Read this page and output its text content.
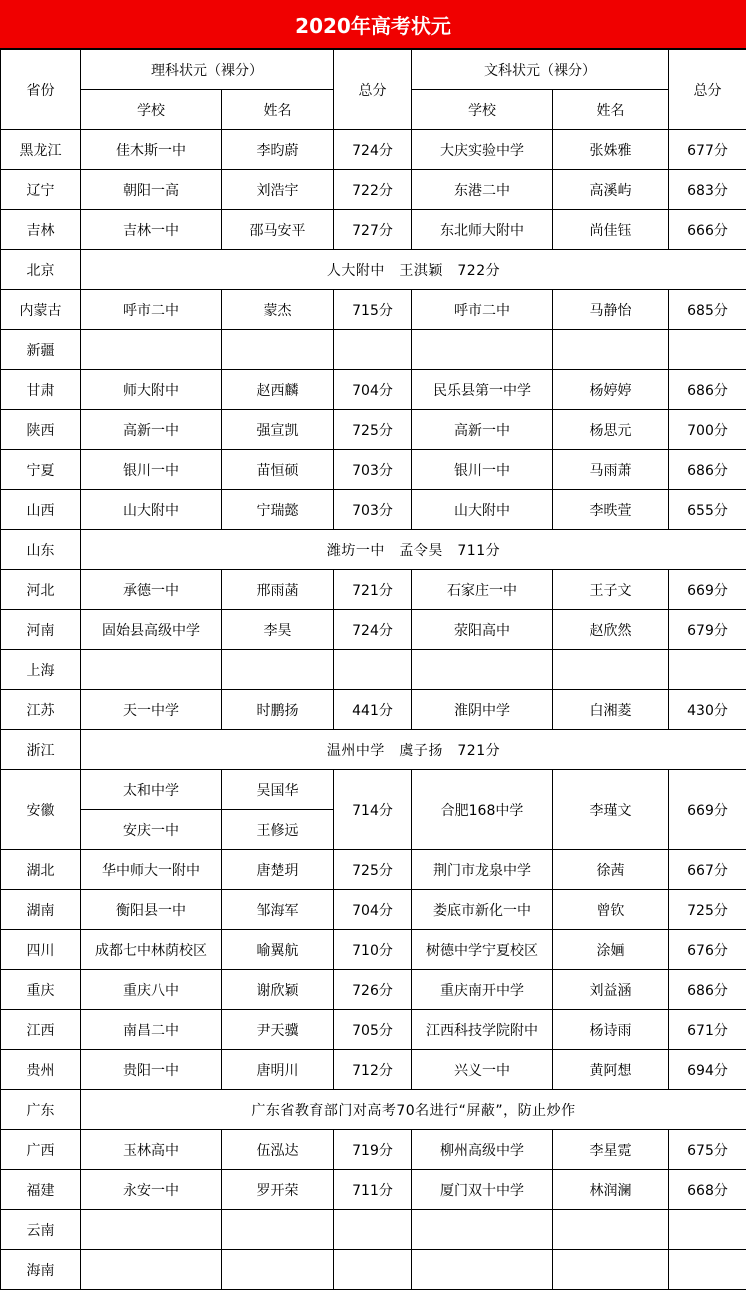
2020年高考状元
省份	理科状元（裸分）		总分	文科状元（裸分）		总分
	学校	姓名		学校	姓名	
黑龙江	佳木斯一中	李昀蔚	724分	大庆实验中学	张姝雅	677分
辽宁	朝阳一高	刘浩宇	722分	东港二中	高溪屿	683分
吉林	吉林一中	邵马安平	727分	东北师大附中	尚佳钰	666分
北京	人大附中　王淇颖　722分					
内蒙古	呼市二中	蒙杰	715分	呼市二中	马静怡	685分
新疆						
甘肃	师大附中	赵西麟	704分	民乐县第一中学	杨婷婷	686分
陕西	高新一中	强宣凯	725分	高新一中	杨思元	700分
宁夏	银川一中	苗恒硕	703分	银川一中	马雨萧	686分
山西	山大附中	宁瑞懿	703分	山大附中	李昳萱	655分
山东	潍坊一中　孟令昊　711分					
河北	承德一中	邢雨菡	721分	石家庄一中	王子文	669分
河南	固始县高级中学	李昊	724分	荥阳高中	赵欣然	679分
上海						
江苏	天一中学	时鹏扬	441分	淮阴中学	白湘菱	430分
浙江	温州中学　虞子扬　721分					
安徽	太和中学	吴国华	714分	合肥168中学	李瑾文	669分
	安庆一中	王修远				
湖北	华中师大一附中	唐楚玥	725分	荆门市龙泉中学	徐茜	667分
湖南	衡阳县一中	邹海军	704分	娄底市新化一中	曾钦	725分
四川	成都七中林荫校区	喻翼航	710分	树德中学宁夏校区	涂婳	676分
重庆	重庆八中	谢欣颖	726分	重庆南开中学	刘益涵	686分
江西	南昌二中	尹天骥	705分	江西科技学院附中	杨诗雨	671分
贵州	贵阳一中	唐明川	712分	兴义一中	黄阿想	694分
广东	广东省教育部门对高考70名进行“屏蔽”，防止炒作					
广西	玉林高中	伍泓达	719分	柳州高级中学	李星霓	675分
福建	永安一中	罗开荣	711分	厦门双十中学	林润澜	668分
云南						
海南						
